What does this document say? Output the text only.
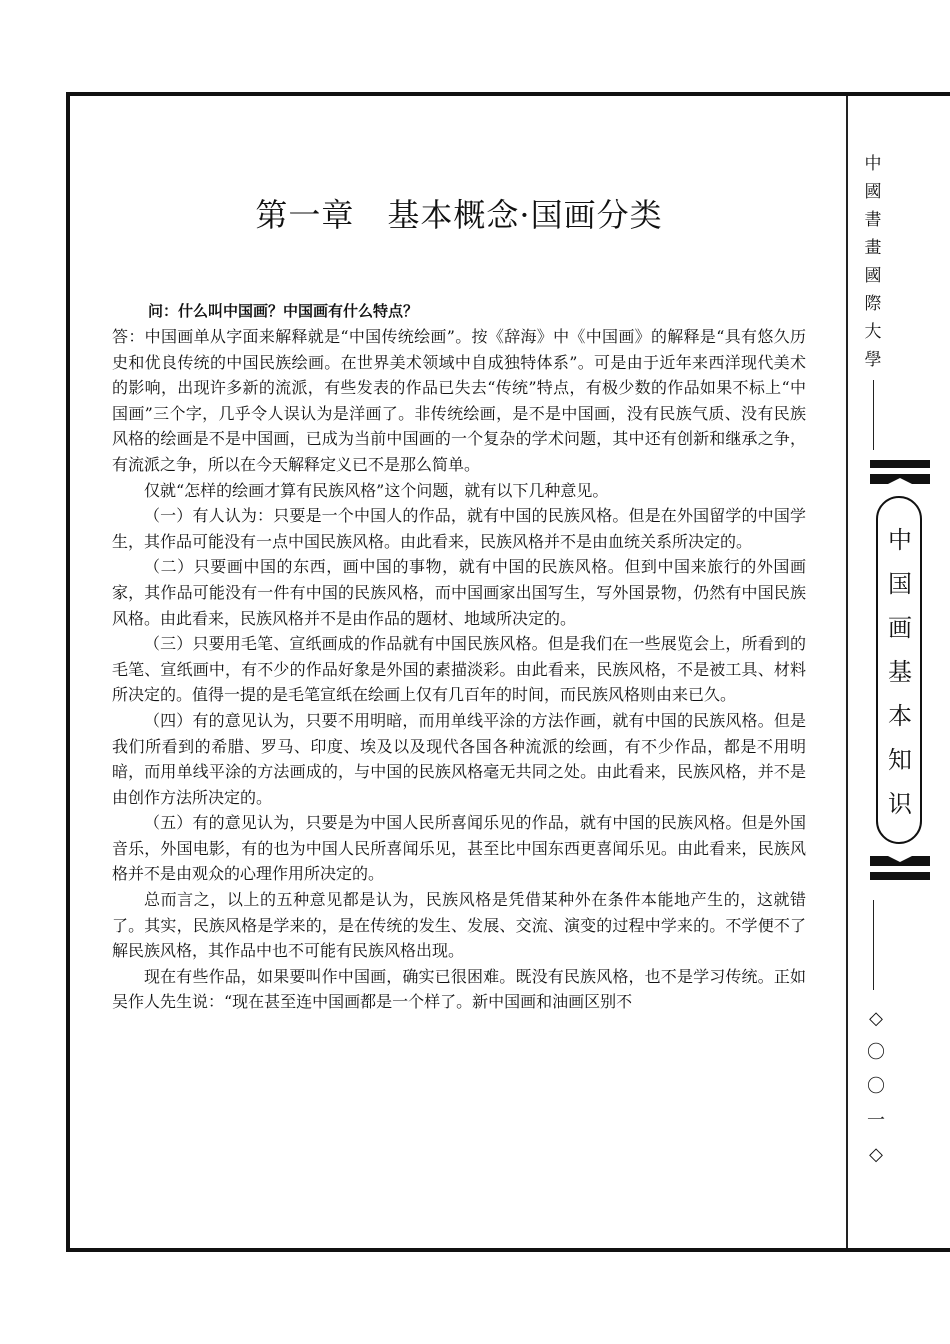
第一章　基本概念·国画分类

问：什么叫中国画？中国画有什么特点？

答：中国画单从字面来解释就是“中国传统绘画”。按《辞海》中《中国画》的解释是“具有悠久历史和优良传统的中国民族绘画。在世界美术领域中自成独特体系”。可是由于近年来西洋现代美术的影响，出现许多新的流派，有些发表的作品已失去“传统”特点，有极少数的作品如果不标上“中国画”三个字，几乎令人误认为是洋画了。非传统绘画，是不是中国画，没有民族气质、没有民族风格的绘画是不是中国画，已成为当前中国画的一个复杂的学术问题，其中还有创新和继承之争，有流派之争，所以在今天解释定义已不是那么简单。

仅就“怎样的绘画才算有民族风格”这个问题，就有以下几种意见。

（一）有人认为：只要是一个中国人的作品，就有中国的民族风格。但是在外国留学的中国学生，其作品可能没有一点中国民族风格。由此看来，民族风格并不是由血统关系所决定的。

（二）只要画中国的东西，画中国的事物，就有中国的民族风格。但到中国来旅行的外国画家，其作品可能没有一件有中国的民族风格，而中国画家出国写生，写外国景物，仍然有中国民族风格。由此看来，民族风格并不是由作品的题材、地域所决定的。

（三）只要用毛笔、宣纸画成的作品就有中国民族风格。但是我们在一些展览会上，所看到的毛笔、宣纸画中，有不少的作品好象是外国的素描淡彩。由此看来，民族风格，不是被工具、材料所决定的。值得一提的是毛笔宣纸在绘画上仅有几百年的时间，而民族风格则由来已久。

（四）有的意见认为，只要不用明暗，而用单线平涂的方法作画，就有中国的民族风格。但是我们所看到的希腊、罗马、印度、埃及以及现代各国各种流派的绘画，有不少作品，都是不用明暗，而用单线平涂的方法画成的，与中国的民族风格毫无共同之处。由此看来，民族风格，并不是由创作方法所决定的。

（五）有的意见认为，只要是为中国人民所喜闻乐见的作品，就有中国的民族风格。但是外国音乐，外国电影，有的也为中国人民所喜闻乐见，甚至比中国东西更喜闻乐见。由此看来，民族风格并不是由观众的心理作用所决定的。

总而言之，以上的五种意见都是认为，民族风格是凭借某种外在条件本能地产生的，这就错了。其实，民族风格是学来的，是在传统的发生、发展、交流、演变的过程中学来的。不学便不了解民族风格，其作品中也不可能有民族风格出现。

现在有些作品，如果要叫作中国画，确实已很困难。既没有民族风格，也不是学习传统。正如吴作人先生说：“现在甚至连中国画都是一个样了。新中国画和油画区别不

中
國
書
畫
國
際
大
學
中
国
画
基
本
知
识
◇
〇
〇
一
◇
